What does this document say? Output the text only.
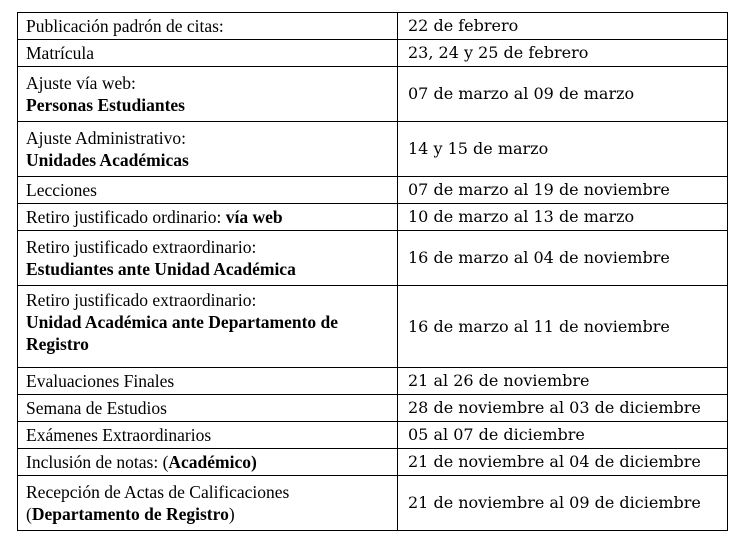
Publicación padrón de citas:	22 de febrero
Matrícula	23, 24 y 25 de febrero
Ajuste vía web:
Personas Estudiantes	07 de marzo al 09 de marzo
Ajuste Administrativo:
Unidades Académicas	14 y 15 de marzo
Lecciones	07 de marzo al 19 de noviembre
Retiro justificado ordinario: vía web	10 de marzo al 13 de marzo
Retiro justificado extraordinario:
Estudiantes ante Unidad Académica	16 de marzo al 04 de noviembre
Retiro justificado extraordinario:
Unidad Académica ante Departamento de Registro	16 de marzo al 11 de noviembre
Evaluaciones Finales	21 al 26 de noviembre
Semana de Estudios	28 de noviembre al 03 de diciembre
Exámenes Extraordinarios	05 al 07 de diciembre
Inclusión de notas: (Académico)	21 de noviembre al 04 de diciembre
Recepción de Actas de Calificaciones
(Departamento de Registro)	21 de noviembre al 09 de diciembre
